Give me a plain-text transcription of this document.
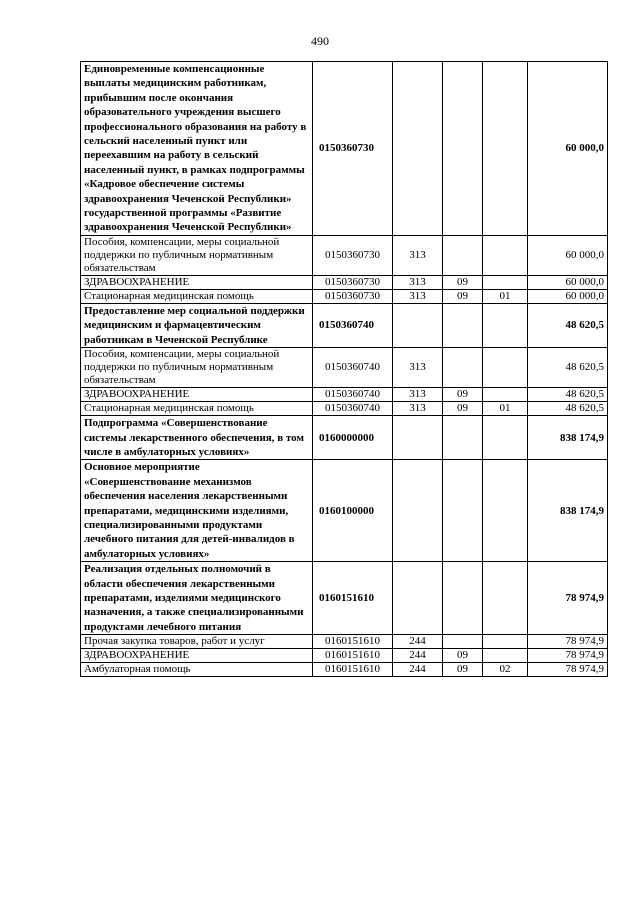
490
Единовременные компенсационные выплаты медицинским работникам, прибывшим после окончания образовательного учреждения высшего профессионального образования на работу в сельский населенный пункт или переехавшим на работу в сельский населенный пункт, в рамках подпрограммы «Кадровое обеспечение системы здравоохранения Чеченской Республики» государственной программы «Развитие здравоохранения Чеченской Республики»	0150360730				60 000,0
Пособия, компенсации, меры социальной поддержки по публичным нормативным обязательствам	0150360730	313			60 000,0
ЗДРАВООХРАНЕНИЕ	0150360730	313	09		60 000,0
Стационарная медицинская помощь	0150360730	313	09	01	60 000,0
Предоставление мер социальной поддержки медицинским и фармацевтическим работникам в Чеченской Республике	0150360740				48 620,5
Пособия, компенсации, меры социальной поддержки по публичным нормативным обязательствам	0150360740	313			48 620,5
ЗДРАВООХРАНЕНИЕ	0150360740	313	09		48 620,5
Стационарная медицинская помощь	0150360740	313	09	01	48 620,5
Подпрограмма «Совершенствование системы лекарственного обеспечения, в том числе в амбулаторных условиях»	0160000000				838 174,9
Основное мероприятие «Совершенствование механизмов обеспечения населения лекарственными препаратами, медицинскими изделиями, специализированными продуктами лечебного питания для детей-инвалидов в амбулаторных условиях»	0160100000				838 174,9
Реализация отдельных полномочий в области обеспечения лекарственными препаратами, изделиями медицинского назначения, а также специализированными продуктами лечебного питания	0160151610				78 974,9
Прочая закупка товаров, работ и услуг	0160151610	244			78 974,9
ЗДРАВООХРАНЕНИЕ	0160151610	244	09		78 974,9
Амбулаторная помощь	0160151610	244	09	02	78 974,9
